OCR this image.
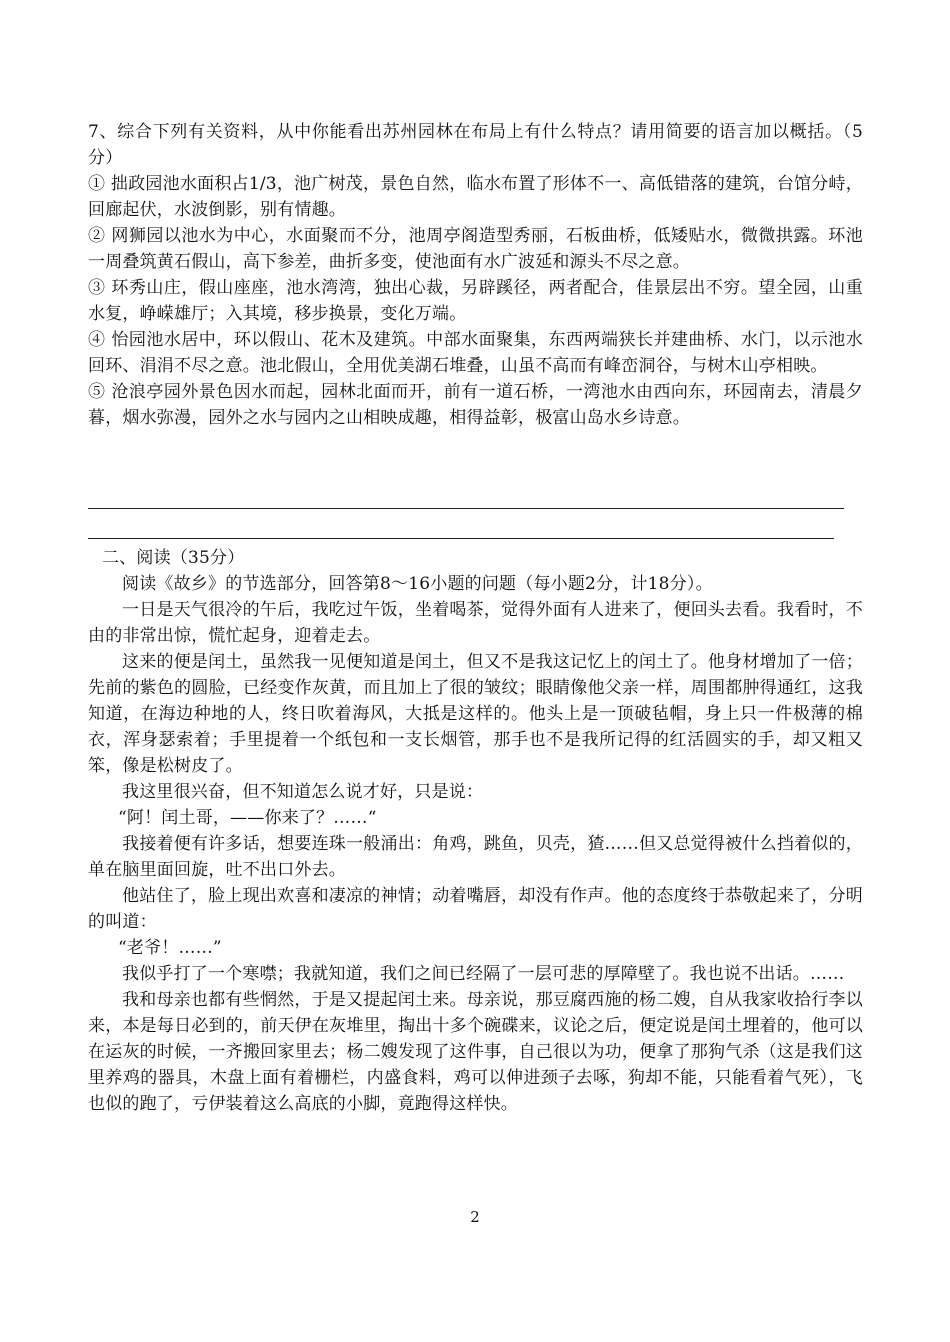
7、综合下列有关资料，从中你能看出苏州园林在布局上有什么特点？请用简要的语言加以概括。（5分）

① 拙政园池水面积占1/3，池广树茂，景色自然，临水布置了形体不一、高低错落的建筑，台馆分峙，回廊起伏，水波倒影，别有情趣。

② 网狮园以池水为中心，水面聚而不分，池周亭阁造型秀丽，石板曲桥，低矮贴水，微微拱露。环池一周叠筑黄石假山，高下参差，曲折多变，使池面有水广波延和源头不尽之意。

③ 环秀山庄，假山座座，池水湾湾，独出心裁，另辟蹊径，两者配合，佳景层出不穷。望全园，山重水复，峥嵘雄厅；入其境，移步换景，变化万端。

④ 怡园池水居中，环以假山、花木及建筑。中部水面聚集，东西两端狭长并建曲桥、水门，以示池水回环、涓涓不尽之意。池北假山，全用优美湖石堆叠，山虽不高而有峰峦洞谷，与树木山亭相映。

⑤ 沧浪亭园外景色因水而起，园林北面而开，前有一道石桥，一湾池水由西向东，环园南去，清晨夕暮，烟水弥漫，园外之水与园内之山相映成趣，相得益彰，极富山岛水乡诗意。

二、阅读（35分）

阅读《故乡》的节选部分，回答第8～16小题的问题（每小题2分，计18分）。

一日是天气很冷的午后，我吃过午饭，坐着喝茶，觉得外面有人进来了，便回头去看。我看时，不由的非常出惊，慌忙起身，迎着走去。

这来的便是闰土，虽然我一见便知道是闰土，但又不是我这记忆上的闰土了。他身材增加了一倍；先前的紫色的圆脸，已经变作灰黄，而且加上了很的皱纹；眼睛像他父亲一样，周围都肿得通红，这我知道，在海边种地的人，终日吹着海风，大抵是这样的。他头上是一顶破毡帽，身上只一件极薄的棉衣，浑身瑟索着；手里提着一个纸包和一支长烟管，那手也不是我所记得的红活圆实的手，却又粗又笨，像是松树皮了。

我这里很兴奋，但不知道怎么说才好，只是说：

“阿！闰土哥，——你来了？……“

我接着便有许多话，想要连珠一般涌出：角鸡，跳鱼，贝壳，猹……但又总觉得被什么挡着似的，单在脑里面回旋，吐不出口外去。

他站住了，脸上现出欢喜和凄凉的神情；动着嘴唇，却没有作声。他的态度终于恭敬起来了，分明的叫道：

“老爷！……”

我似乎打了一个寒噤；我就知道，我们之间已经隔了一层可悲的厚障壁了。我也说不出话。……

我和母亲也都有些惘然，于是又提起闰土来。母亲说，那豆腐西施的杨二嫂，自从我家收拾行李以来，本是每日必到的，前天伊在灰堆里，掏出十多个碗碟来，议论之后，便定说是闰土埋着的，他可以在运灰的时候，一齐搬回家里去；杨二嫂发现了这件事，自己很以为功，便拿了那狗气杀（这是我们这里养鸡的器具，木盘上面有着栅栏，内盛食料，鸡可以伸进颈子去啄，狗却不能，只能看着气死），飞也似的跑了，亏伊装着这么高底的小脚，竟跑得这样快。

2
